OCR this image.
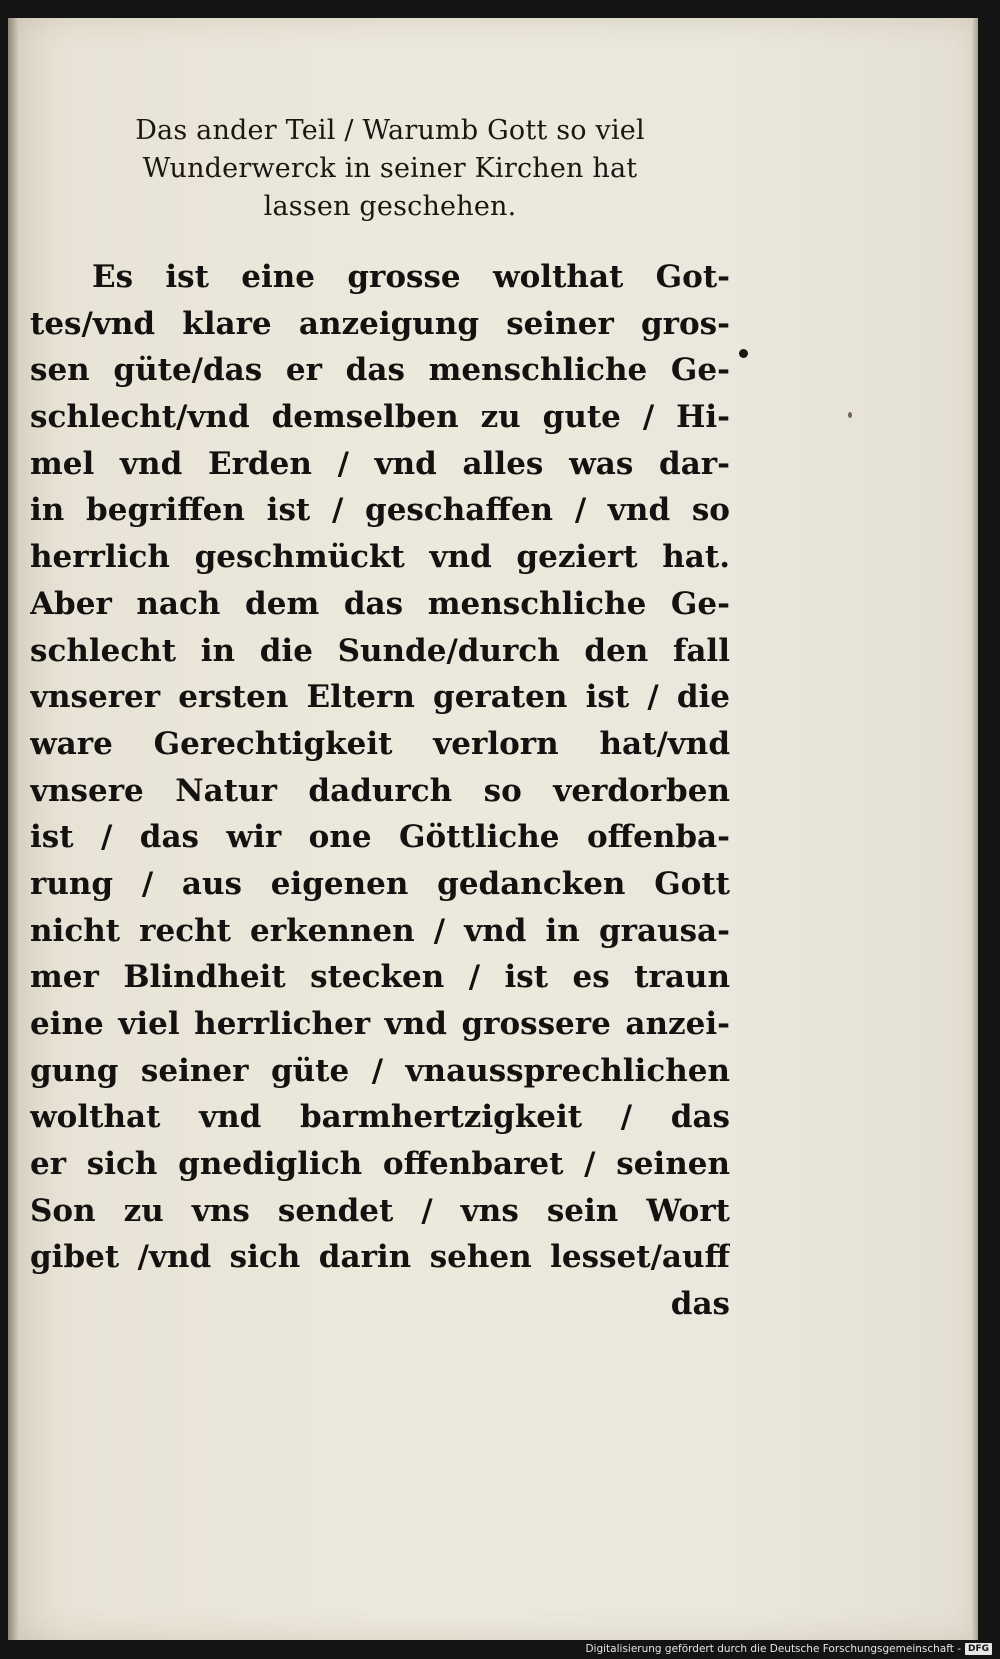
Das ander Teil / Warumb Gott so viel
Wunderwerck in seiner Kirchen hat
lassen geschehen.
Es ist eine grosse wolthat Got-
tes/vnd klare anzeigung seiner gros-
sen güte/das er das menschliche Ge-
schlecht/vnd demselben zu gute / Hi-
mel vnd Erden / vnd alles was dar-
in begriffen ist / geschaffen / vnd so
herrlich geschmückt vnd geziert hat.
Aber nach dem das menschliche Ge-
schlecht in die Sunde/durch den fall
vnserer ersten Eltern geraten ist / die
ware Gerechtigkeit verlorn hat/vnd
vnsere Natur dadurch so verdorben
ist / das wir one Göttliche offenba-
rung / aus eigenen gedancken Gott
nicht recht erkennen / vnd in grausa-
mer Blindheit stecken / ist es traun
eine viel herrlicher vnd grossere anzei-
gung seiner güte / vnaussprechlichen
wolthat vnd barmhertzigkeit / das
er sich gnediglich offenbaret / seinen
Son zu vns sendet / vns sein Wort
gibet /vnd sich darin sehen lesset/auff
das
Digitalisierung gefördert durch die Deutsche Forschungsgemeinschaft - DFG
